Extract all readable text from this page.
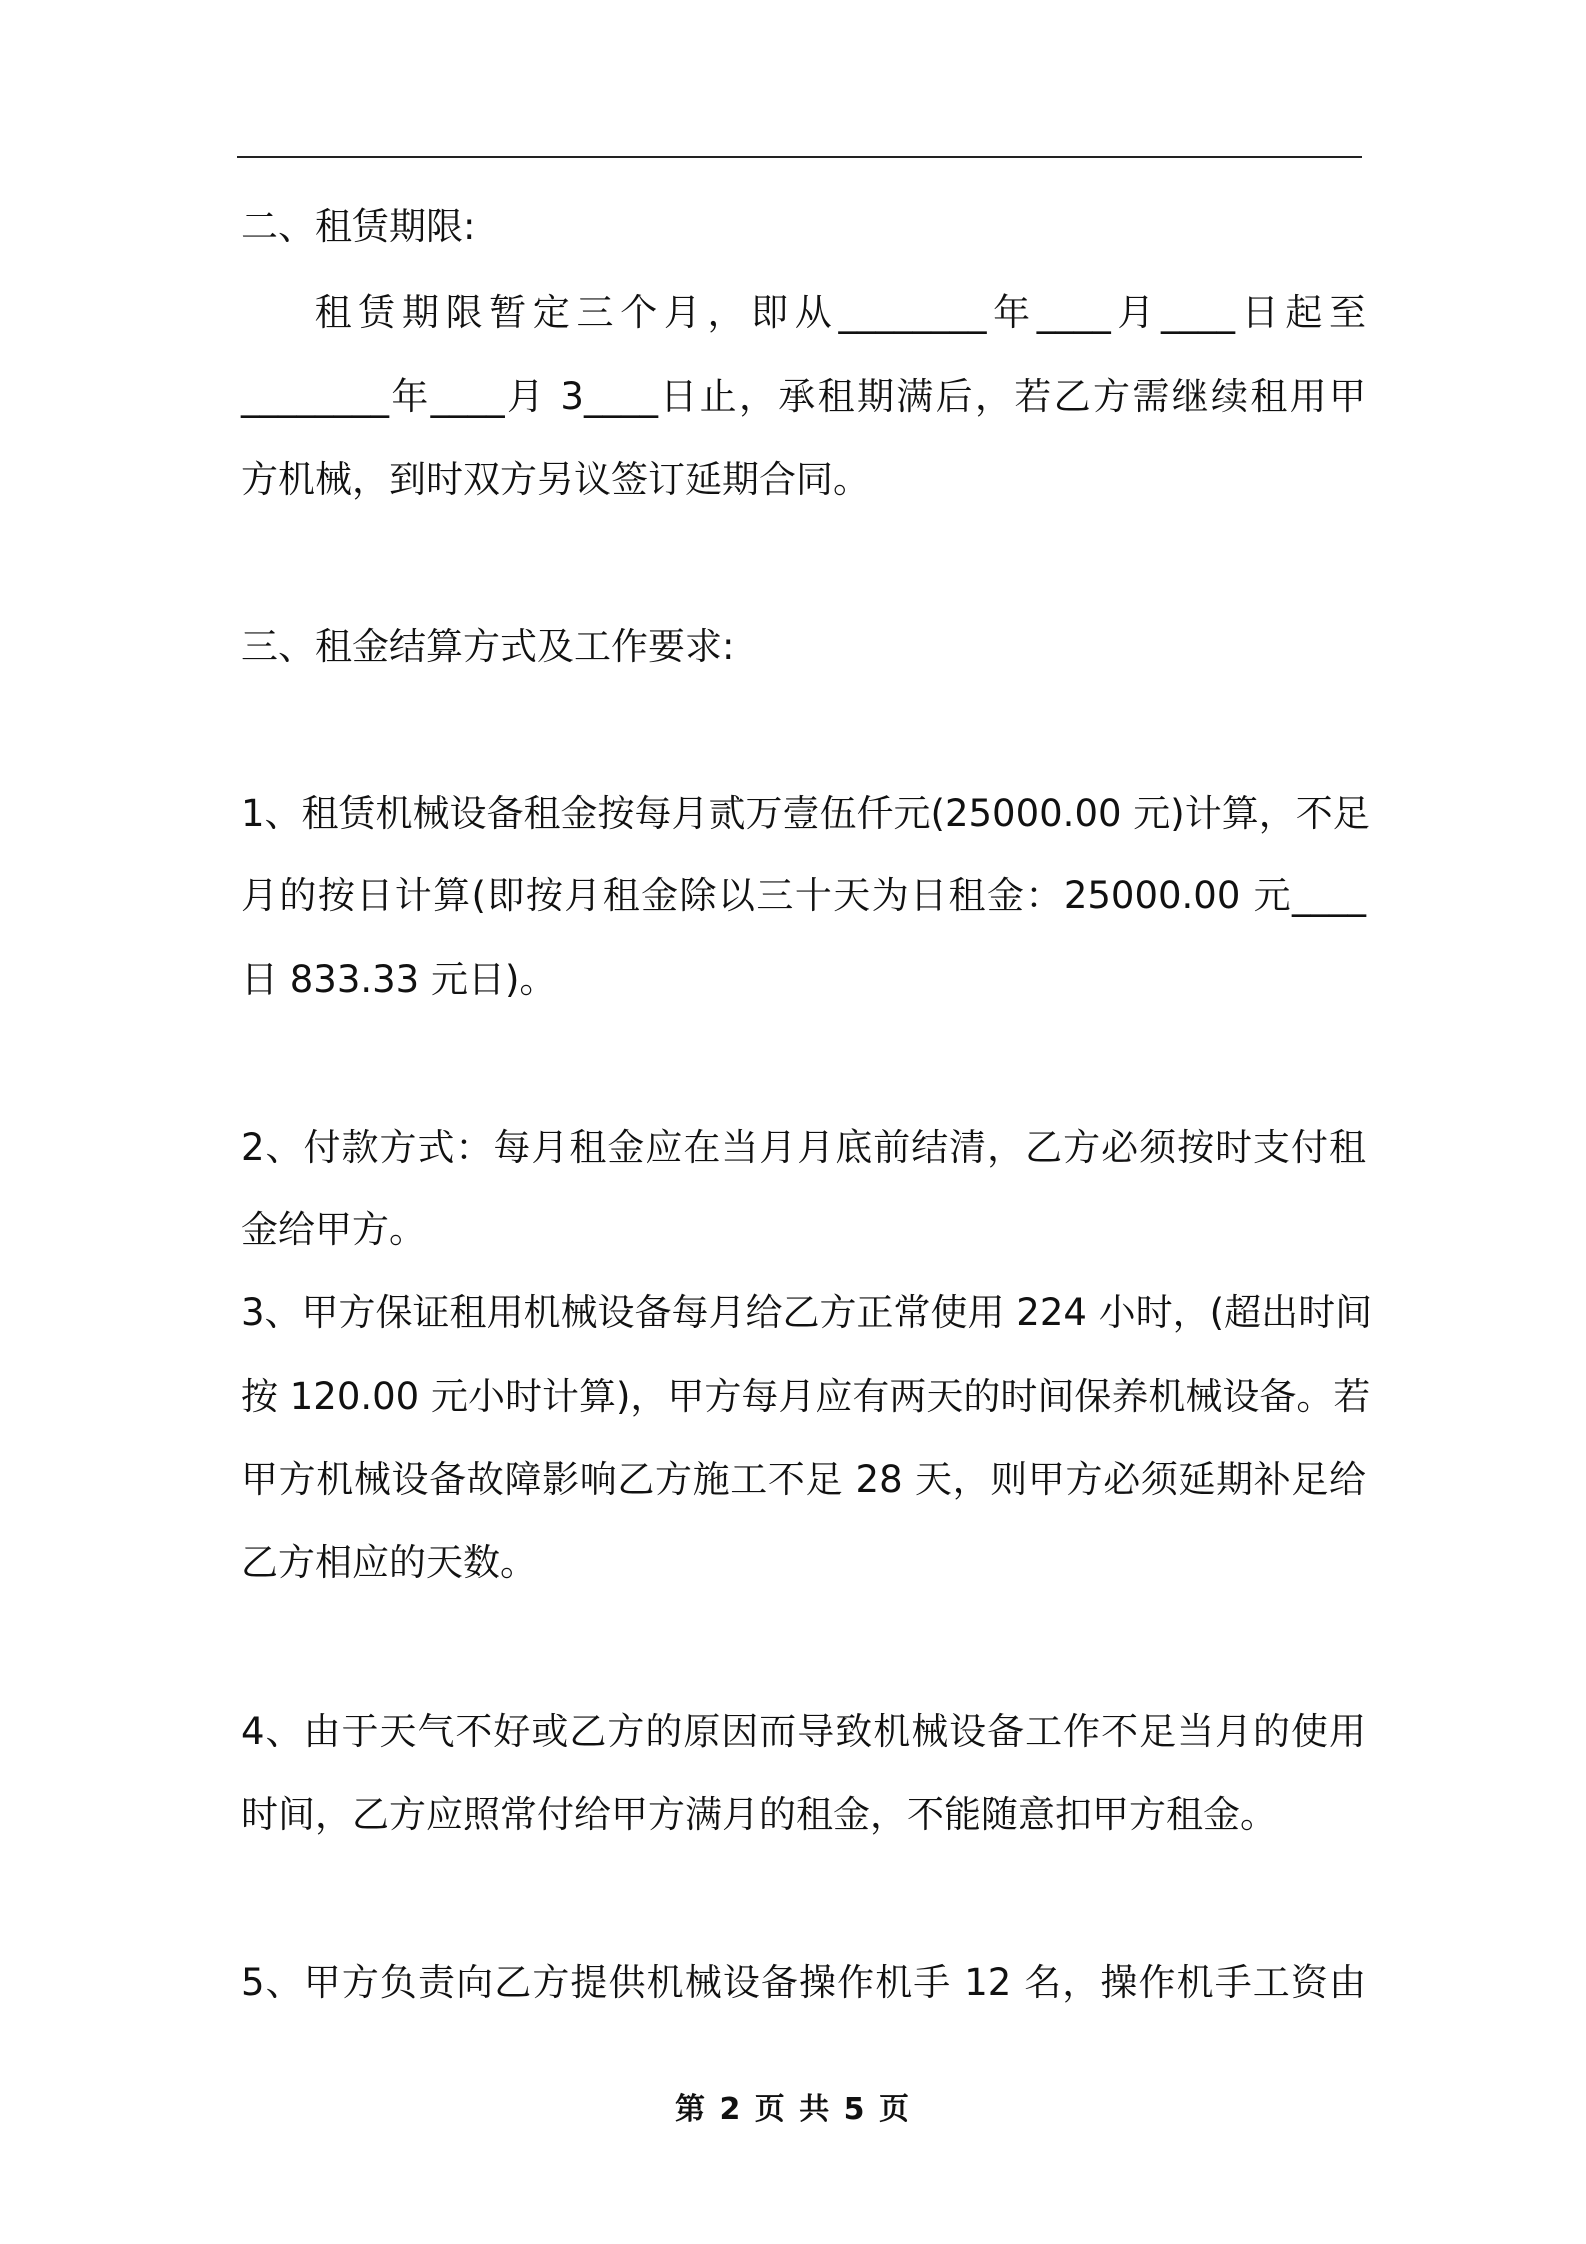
二、租赁期限:
租赁期限暂定三个月，即从________年____月____日起至
________年____月 3____日止，承租期满后，若乙方需继续租用甲
方机械，到时双方另议签订延期合同。
三、租金结算方式及工作要求:
1、租赁机械设备租金按每月贰万壹伍仟元(25000.00 元)计算，不足
月的按日计算(即按月租金除以三十天为日租金：25000.00 元____
日 833.33 元日)。
2、付款方式：每月租金应在当月月底前结清，乙方必须按时支付租
金给甲方。
3、甲方保证租用机械设备每月给乙方正常使用 224 小时，(超出时间
按 120.00 元小时计算)，甲方每月应有两天的时间保养机械设备。若
甲方机械设备故障影响乙方施工不足 28 天，则甲方必须延期补足给
乙方相应的天数。
4、由于天气不好或乙方的原因而导致机械设备工作不足当月的使用
时间，乙方应照常付给甲方满月的租金，不能随意扣甲方租金。
5、甲方负责向乙方提供机械设备操作机手 12 名，操作机手工资由
第 2 页 共 5 页
